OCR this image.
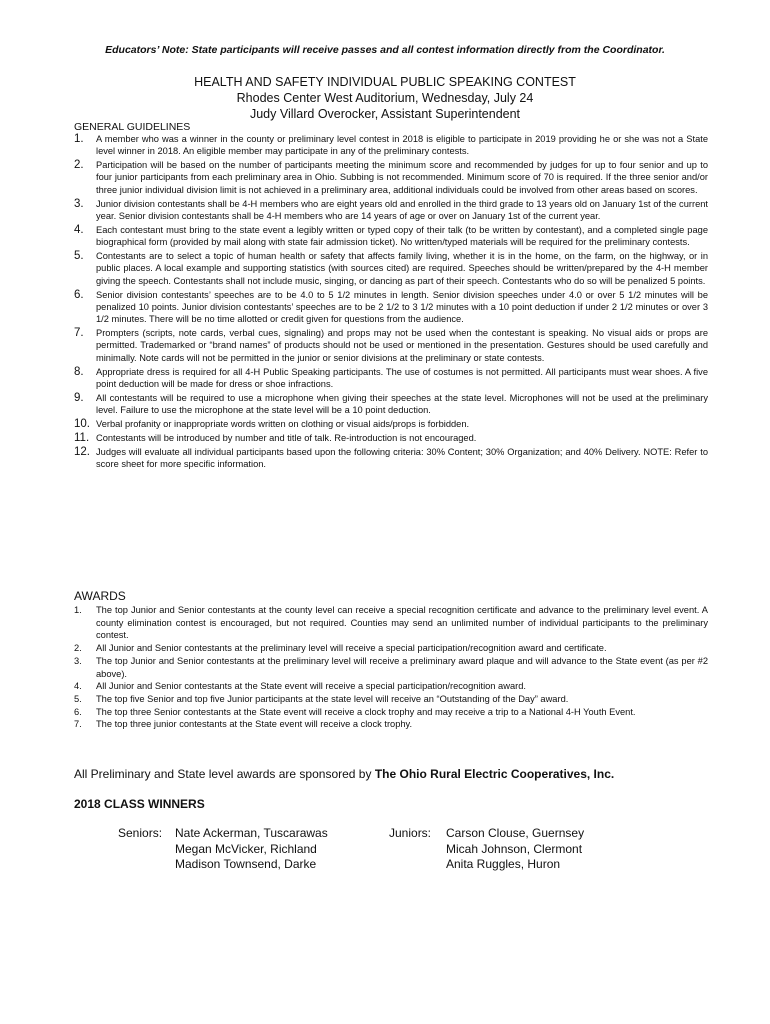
Educators’ Note: State participants will receive passes and all contest information directly from the Coordinator.
HEALTH AND SAFETY INDIVIDUAL PUBLIC SPEAKING CONTEST
Rhodes Center West Auditorium, Wednesday, July 24
Judy Villard Overocker, Assistant Superintendent
GENERAL GUIDELINES
1. A member who was a winner in the county or preliminary level contest in 2018 is eligible to participate in 2019 providing he or she was not a State level winner in 2018. An eligible member may participate in any of the preliminary contests.
2. Participation will be based on the number of participants meeting the minimum score and recommended by judges for up to four senior and up to four junior participants from each preliminary area in Ohio. Subbing is not recommended. Minimum score of 70 is required. If the three senior and/or three junior individual division limit is not achieved in a preliminary area, additional individuals could be involved from other areas based on scores.
3. Junior division contestants shall be 4-H members who are eight years old and enrolled in the third grade to 13 years old on January 1st of the current year. Senior division contestants shall be 4-H members who are 14 years of age or over on January 1st of the current year.
4. Each contestant must bring to the state event a legibly written or typed copy of their talk (to be written by contestant), and a completed single page biographical form (provided by mail along with state fair admission ticket). No written/typed materials will be required for the preliminary contests.
5. Contestants are to select a topic of human health or safety that affects family living, whether it is in the home, on the farm, on the highway, or in public places. A local example and supporting statistics (with sources cited) are required. Speeches should be written/prepared by the 4-H member giving the speech. Contestants shall not include music, singing, or dancing as part of their speech. Contestants who do so will be penalized 5 points.
6. Senior division contestants’ speeches are to be 4.0 to 5 1/2 minutes in length. Senior division speeches under 4.0 or over 5 1/2 minutes will be penalized 10 points. Junior division contestants’ speeches are to be 2 1/2 to 3 1/2 minutes with a 10 point deduction if under 2 1/2 minutes or over 3 1/2 minutes. There will be no time allotted or credit given for questions from the audience.
7. Prompters (scripts, note cards, verbal cues, signaling) and props may not be used when the contestant is speaking. No visual aids or props are permitted. Trademarked or “brand names” of products should not be used or mentioned in the presentation. Gestures should be used carefully and minimally. Note cards will not be permitted in the junior or senior divisions at the preliminary or state contests.
8. Appropriate dress is required for all 4-H Public Speaking participants. The use of costumes is not permitted. All participants must wear shoes. A five point deduction will be made for dress or shoe infractions.
9. All contestants will be required to use a microphone when giving their speeches at the state level. Microphones will not be used at the preliminary level. Failure to use the microphone at the state level will be a 10 point deduction.
10. Verbal profanity or inappropriate words written on clothing or visual aids/props is forbidden.
11. Contestants will be introduced by number and title of talk. Re-introduction is not encouraged.
12. Judges will evaluate all individual participants based upon the following criteria: 30% Content; 30% Organization; and 40% Delivery. NOTE: Refer to score sheet for more specific information.
AWARDS
1. The top Junior and Senior contestants at the county level can receive a special recognition certificate and advance to the preliminary level event. A county elimination contest is encouraged, but not required. Counties may send an unlimited number of individual participants to the preliminary contest.
2. All Junior and Senior contestants at the preliminary level will receive a special participation/recognition award and certificate.
3. The top Junior and Senior contestants at the preliminary level will receive a preliminary award plaque and will advance to the State event (as per #2 above).
4. All Junior and Senior contestants at the State event will receive a special participation/recognition award.
5. The top five Senior and top five Junior participants at the state level will receive an “Outstanding of the Day” award.
6. The top three Senior contestants at the State event will receive a clock trophy and may receive a trip to a National 4-H Youth Event.
7. The top three junior contestants at the State event will receive a clock trophy.
All Preliminary and State level awards are sponsored by The Ohio Rural Electric Cooperatives, Inc.
2018 CLASS WINNERS
Seniors: Nate Ackerman, Tuscarawas
Megan McVicker, Richland
Madison Townsend, Darke
Juniors: Carson Clouse, Guernsey
Micah Johnson, Clermont
Anita Ruggles, Huron
